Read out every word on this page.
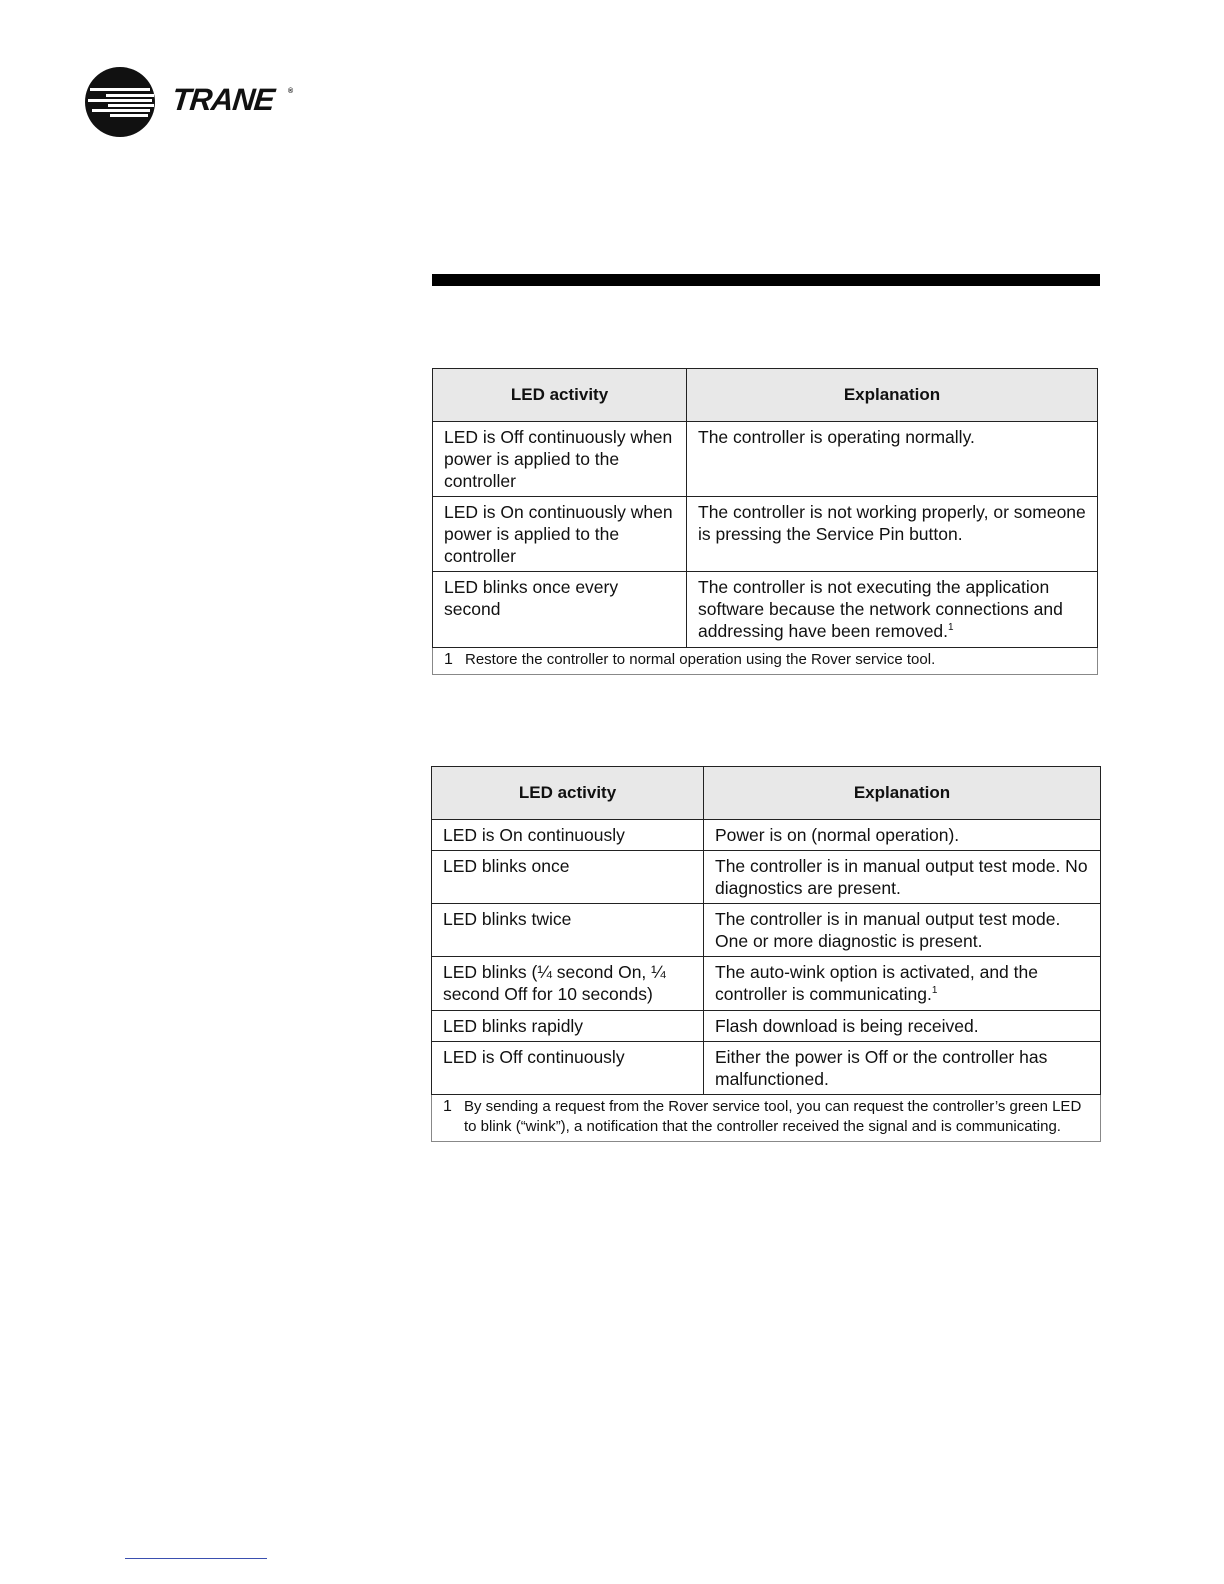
TRANE ®
LED activity	Explanation
LED is Off continuously when power is applied to the controller	The controller is operating normally.
LED is On continuously when power is applied to the controller	The controller is not working properly, or someone is pressing the Service Pin button.
LED blinks once every second	The controller is not executing the application software because the network connections and addressing have been removed.$^1$

1 Restore the controller to normal operation using the Rover service tool.	
LED activity	Explanation
LED is On continuously	Power is on (normal operation).
LED blinks once	The controller is in manual output test mode. No diagnostics are present.
LED blinks twice	The controller is in manual output test mode. One or more diagnostic is present.
LED blinks (¼ second On, ¼ second Off for 10 seconds)	The auto-wink option is activated, and the controller is communicating.$^1$
LED blinks rapidly	Flash download is being received.
LED is Off continuously	Either the power is Off or the controller has malfunctioned.

1 By sending a request from the Rover service tool, you can request the controller’s green LED to blink (“wink”), a notification that the controller received the signal and is communicating.	
